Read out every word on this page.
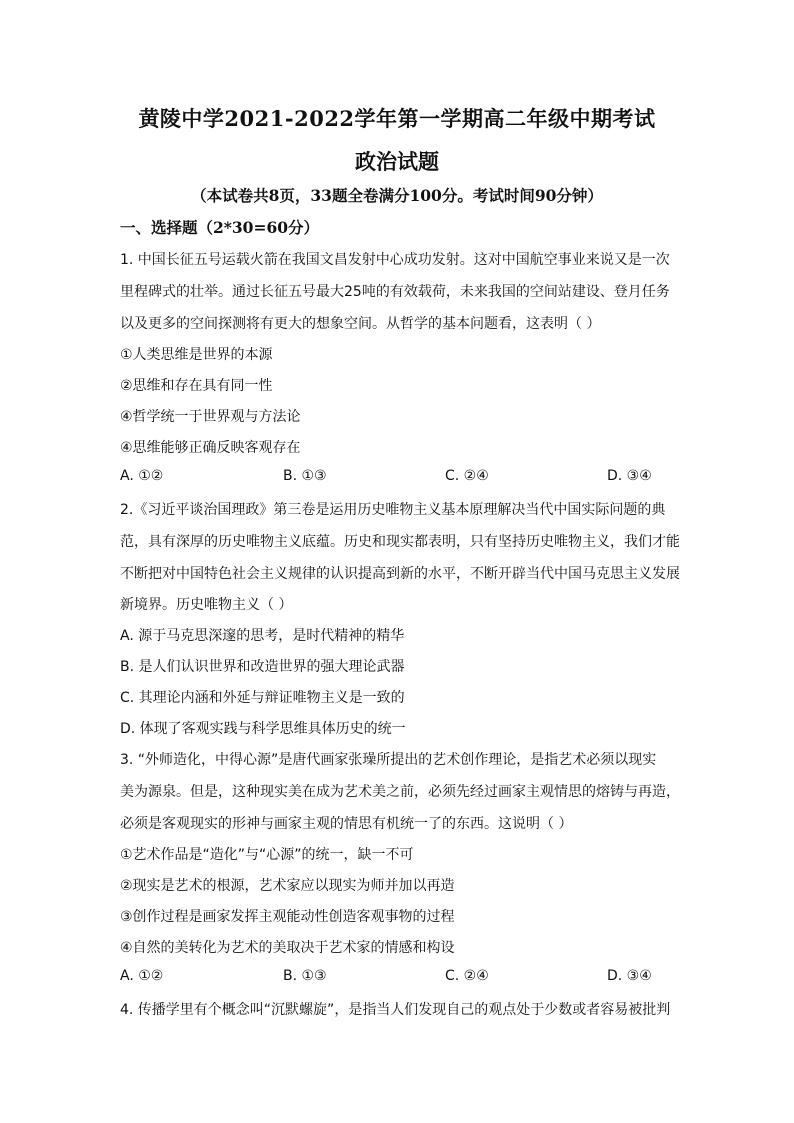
黄陵中学2021-2022学年第一学期高二年级中期考试
政治试题
（本试卷共8页，33题全卷满分100分。考试时间90分钟）
一、选择题（2*30=60分）
1. 中国长征五号运载火箭在我国文昌发射中心成功发射。这对中国航空事业来说又是一次
里程碑式的壮举。通过长征五号最大25吨的有效载荷，未来我国的空间站建设、登月任务
以及更多的空间探测将有更大的想象空间。从哲学的基本问题看，这表明（ ）
①人类思维是世界的本源
②思维和存在具有同一性
④哲学统一于世界观与方法论
④思维能够正确反映客观存在
A. ①②	B. ①③	C. ②④	D. ③④
2.《习近平谈治国理政》第三卷是运用历史唯物主义基本原理解决当代中国实际问题的典
范，具有深厚的历史唯物主义底蕴。历史和现实都表明，只有坚持历史唯物主义，我们才能
不断把对中国特色社会主义规律的认识提高到新的水平，不断开辟当代中国马克思主义发展
新境界。历史唯物主义（ ）
A. 源于马克思深邃的思考，是时代精神的精华
B. 是人们认识世界和改造世界的强大理论武器
C. 其理论内涵和外延与辩证唯物主义是一致的
D. 体现了客观实践与科学思维具体历史的统一
3. “外师造化，中得心源”是唐代画家张璪所提出的艺术创作理论，是指艺术必须以现实
美为源泉。但是，这种现实美在成为艺术美之前，必须先经过画家主观情思的熔铸与再造，
必须是客观现实的形神与画家主观的情思有机统一了的东西。这说明（ ）
①艺术作品是“造化”与“心源”的统一，缺一不可
②现实是艺术的根源，艺术家应以现实为师并加以再造
③创作过程是画家发挥主观能动性创造客观事物的过程
④自然的美转化为艺术的美取决于艺术家的情感和构设
A. ①②	B. ①③	C. ②④	D. ③④
4. 传播学里有个概念叫“沉默螺旋”，是指当人们发现自己的观点处于少数或者容易被批判
